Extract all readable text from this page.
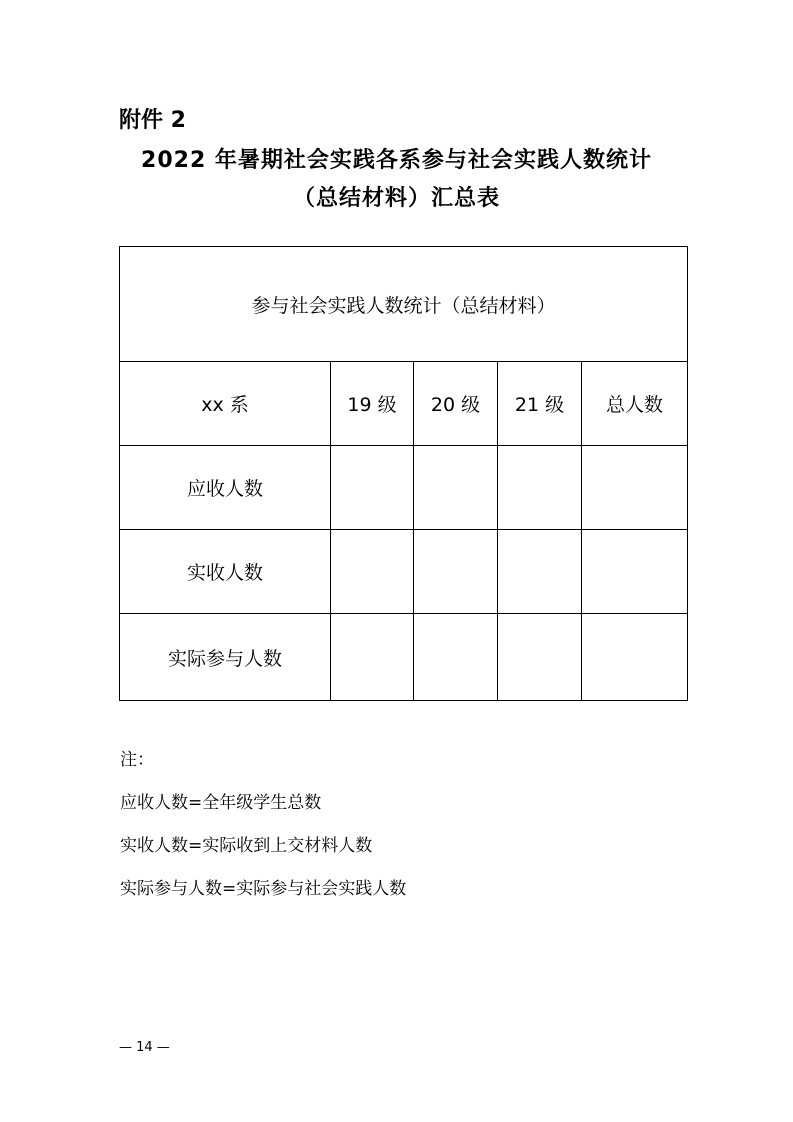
附件 2
2022 年暑期社会实践各系参与社会实践人数统计
（总结材料）汇总表
参与社会实践人数统计（总结材料）				
xx 系	19 级	20 级	21 级	总人数
应收人数				
实收人数				
实际参与人数				
注：
应收人数=全年级学生总数
实收人数=实际收到上交材料人数
实际参与人数=实际参与社会实践人数
— 14 —
